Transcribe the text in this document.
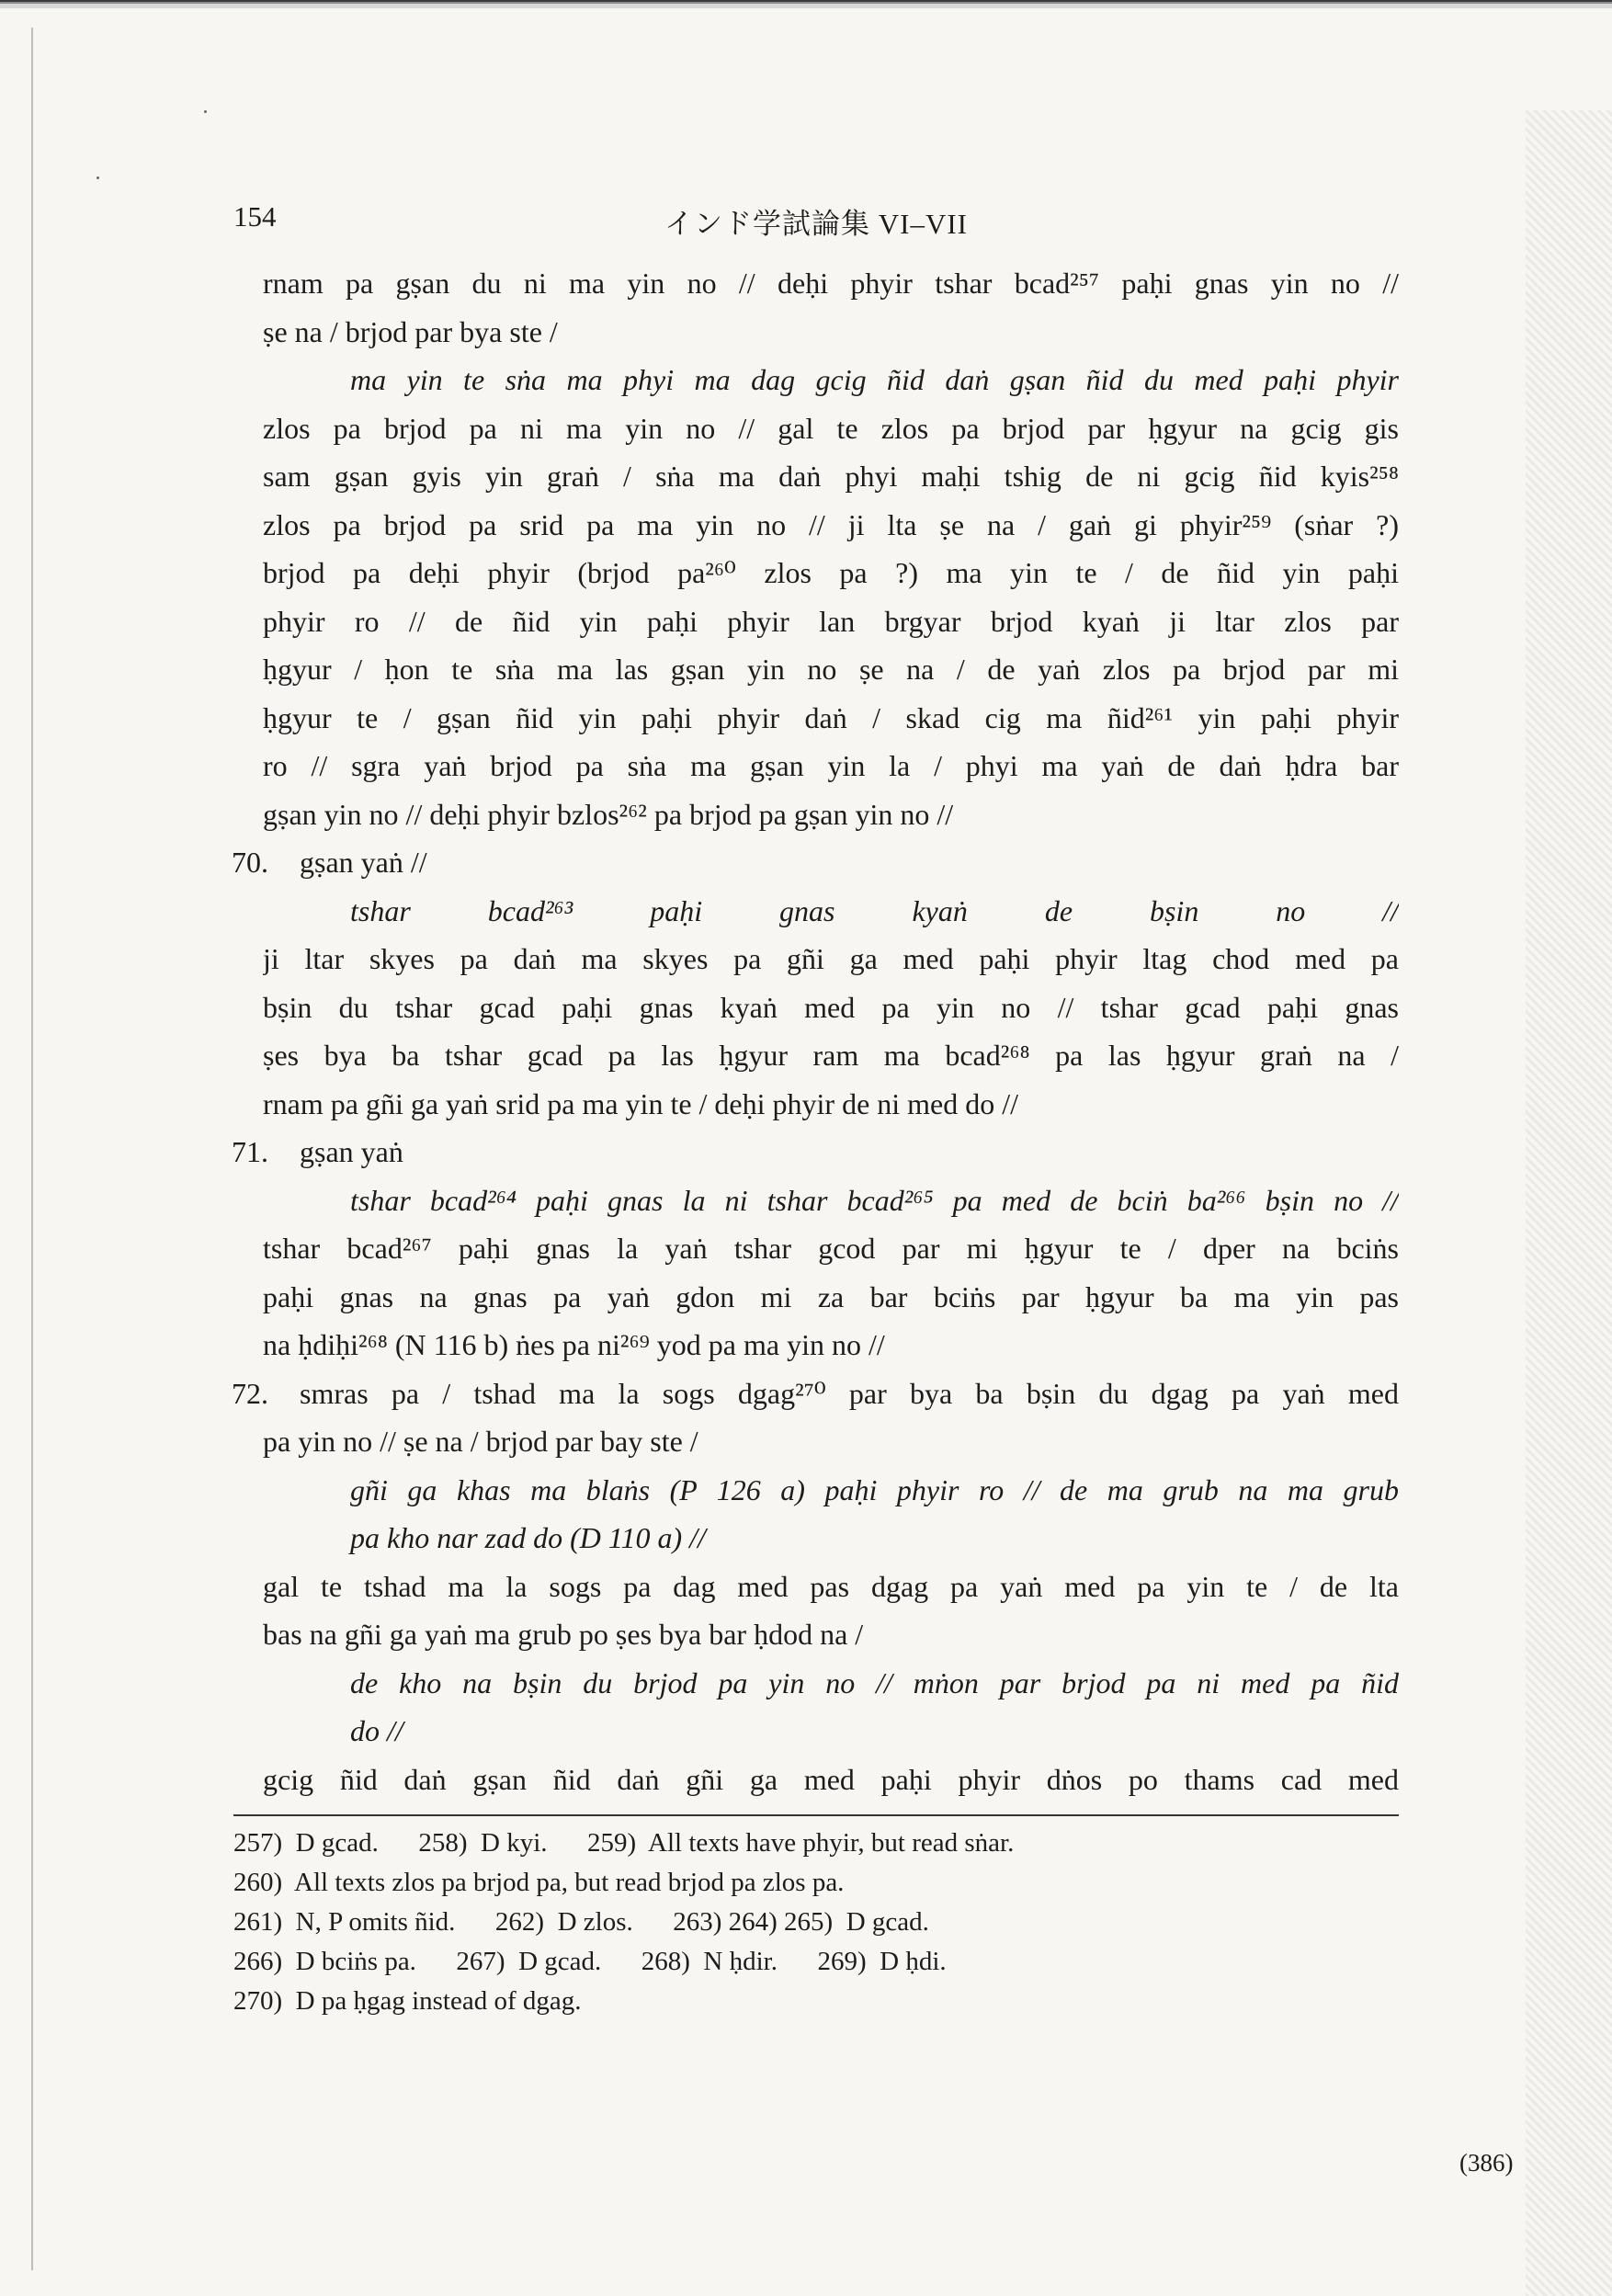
154	インド学試論集 VI–VII
rnam pa gṣan du ni ma yin no // deḥi phyir tshar bcad²⁵⁷ paḥi gnas yin no //
ṣe na / brjod par bya ste /
ma yin te sṅa ma phyi ma dag gcig ñid daṅ gṣan ñid du med paḥi phyir
zlos pa brjod pa ni ma yin no // gal te zlos pa brjod par ḥgyur na gcig gis
sam gṣan gyis yin graṅ / sṅa ma daṅ phyi maḥi tshig de ni gcig ñid kyis²⁵⁸
zlos pa brjod pa srid pa ma yin no // ji lta ṣe na / gaṅ gi phyir²⁵⁹ (sṅar ?)
brjod pa deḥi phyir (brjod pa²⁶⁰ zlos pa ?) ma yin te / de ñid yin paḥi
phyir ro // de ñid yin paḥi phyir lan brgyar brjod kyaṅ ji ltar zlos par
ḥgyur / ḥon te sṅa ma las gṣan yin no ṣe na / de yaṅ zlos pa brjod par mi
ḥgyur te / gṣan ñid yin paḥi phyir daṅ / skad cig ma ñid²⁶¹ yin paḥi phyir
ro // sgra yaṅ brjod pa sṅa ma gṣan yin la / phyi ma yaṅ de daṅ ḥdra bar
gṣan yin no // deḥi phyir bzlos²⁶² pa brjod pa gṣan yin no //
70. gṣan yaṅ //
tshar bcad²⁶³ paḥi gnas kyaṅ de bṣin no //
ji ltar skyes pa daṅ ma skyes pa gñi ga med paḥi phyir ltag chod med pa
bṣin du tshar gcad paḥi gnas kyaṅ med pa yin no // tshar gcad paḥi gnas
ṣes bya ba tshar gcad pa las ḥgyur ram ma bcad²⁶⁸ pa las ḥgyur graṅ na /
rnam pa gñi ga yaṅ srid pa ma yin te / deḥi phyir de ni med do //
71. gṣan yaṅ
tshar bcad²⁶⁴ paḥi gnas la ni tshar bcad²⁶⁵ pa med de bciṅ ba²⁶⁶ bṣin no //
tshar bcad²⁶⁷ paḥi gnas la yaṅ tshar gcod par mi ḥgyur te / dper na bciṅs
paḥi gnas na gnas pa yaṅ gdon mi za bar bciṅs par ḥgyur ba ma yin pas
na ḥdiḥi²⁶⁸ (N 116 b) ṅes pa ni²⁶⁹ yod pa ma yin no //
72. smras pa / tshad ma la sogs dgag²⁷⁰ par bya ba bṣin du dgag pa yaṅ med
pa yin no // ṣe na / brjod par bay ste /
gñi ga khas ma blaṅs (P 126 a) paḥi phyir ro // de ma grub na ma grub
pa kho nar zad do (D 110 a) //
gal te tshad ma la sogs pa dag med pas dgag pa yaṅ med pa yin te / de lta
bas na gñi ga yaṅ ma grub po ṣes bya bar ḥdod na /
de kho na bṣin du brjod pa yin no // mṅon par brjod pa ni med pa ñid
do //
gcig ñid daṅ gṣan ñid daṅ gñi ga med paḥi phyir dṅos po thams cad med
257)  D gcad.      258)  D kyi.      259)  All texts have phyir, but read sṅar.
260)  All texts zlos pa brjod pa, but read brjod pa zlos pa.
261)  N, P omits ñid.      262)  D zlos.      263) 264) 265)  D gcad.
266)  D bciṅs pa.      267)  D gcad.      268)  N ḥdir.      269)  D ḥdi.
270)  D pa ḥgag instead of dgag.
(386)
